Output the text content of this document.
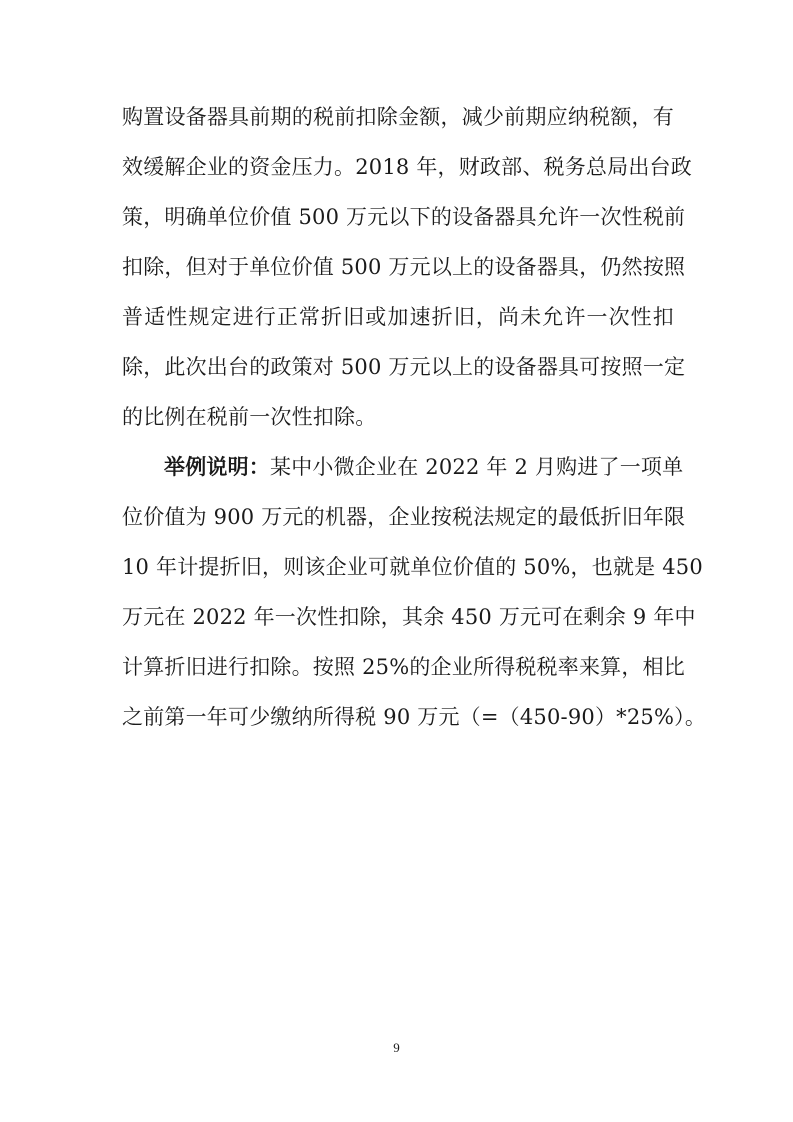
购置设备器具前期的税前扣除金额，减少前期应纳税额，有
效缓解企业的资金压力。2018 年，财政部、税务总局出台政
策，明确单位价值 500 万元以下的设备器具允许一次性税前
扣除，但对于单位价值 500 万元以上的设备器具，仍然按照
普适性规定进行正常折旧或加速折旧，尚未允许一次性扣
除，此次出台的政策对 500 万元以上的设备器具可按照一定
的比例在税前一次性扣除。
举例说明：某中小微企业在 2022 年 2 月购进了一项单
位价值为 900 万元的机器，企业按税法规定的最低折旧年限
10 年计提折旧，则该企业可就单位价值的 50%，也就是 450
万元在 2022 年一次性扣除，其余 450 万元可在剩余 9 年中
计算折旧进行扣除。按照 25%的企业所得税税率来算，相比
之前第一年可少缴纳所得税 90 万元（=（450-90）*25%）。
9
